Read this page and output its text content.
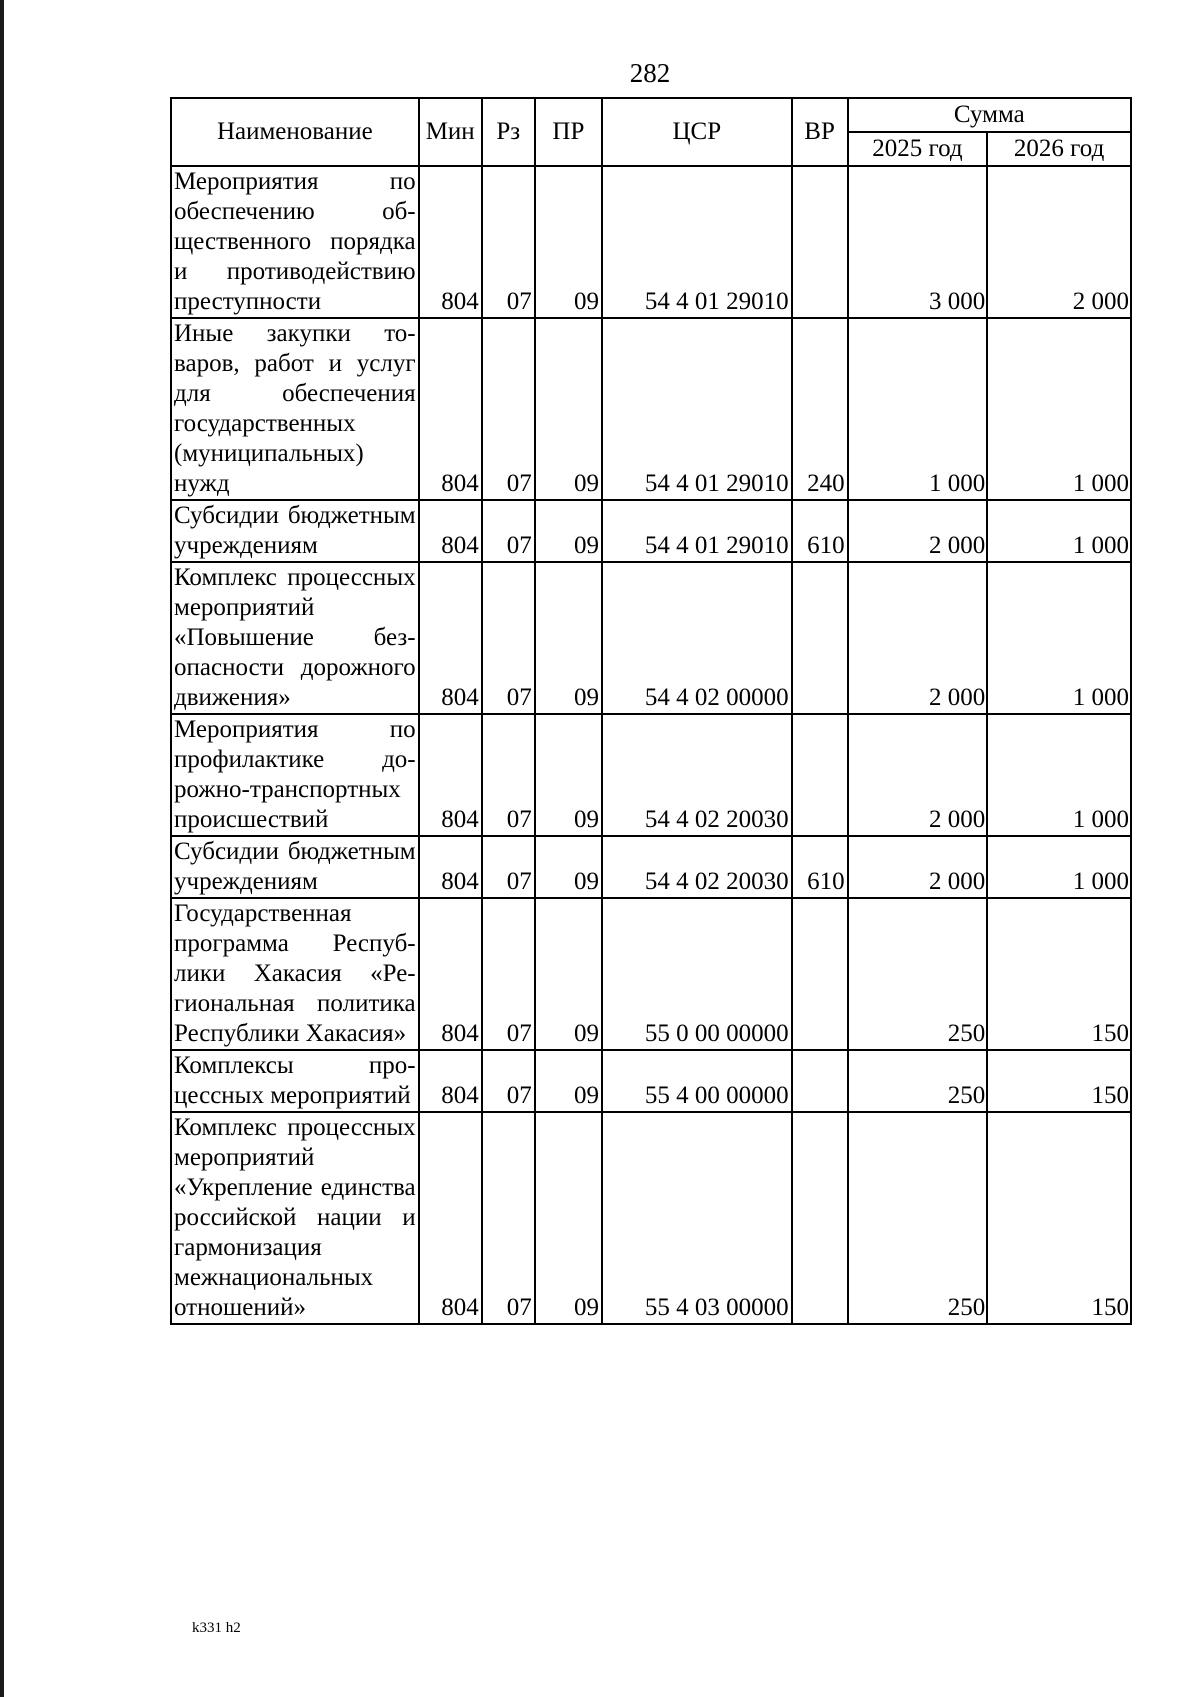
282
Наименование	Мин	Рз	ПР	ЦСР	ВР	Сумма	
						2025 год	2026 год
Мероприятия по обеспечению общественного порядка и противодействию преступности	804	07	09	54 4 01 29010		3 000	2 000
Иные закупки товаров, работ и услуг для обеспечения государственных (муниципальных) нужд	804	07	09	54 4 01 29010	240	1 000	1 000
Субсидии бюджетным учреждениям	804	07	09	54 4 01 29010	610	2 000	1 000
Комплекс процессных мероприятий «Повышение безопасности дорожного движения»	804	07	09	54 4 02 00000		2 000	1 000
Мероприятия по профилактике дорожно-транспортных происшествий	804	07	09	54 4 02 20030		2 000	1 000
Субсидии бюджетным учреждениям	804	07	09	54 4 02 20030	610	2 000	1 000
Государственная программа Республики Хакасия «Региональная политика Республики Хакасия»	804	07	09	55 0 00 00000		250	150
Комплексы процессных мероприятий	804	07	09	55 4 00 00000		250	150
Комплекс процессных мероприятий «Укрепление единства российской нации и гармонизация межнациональных отношений»	804	07	09	55 4 03 00000		250	150
k331 h2
